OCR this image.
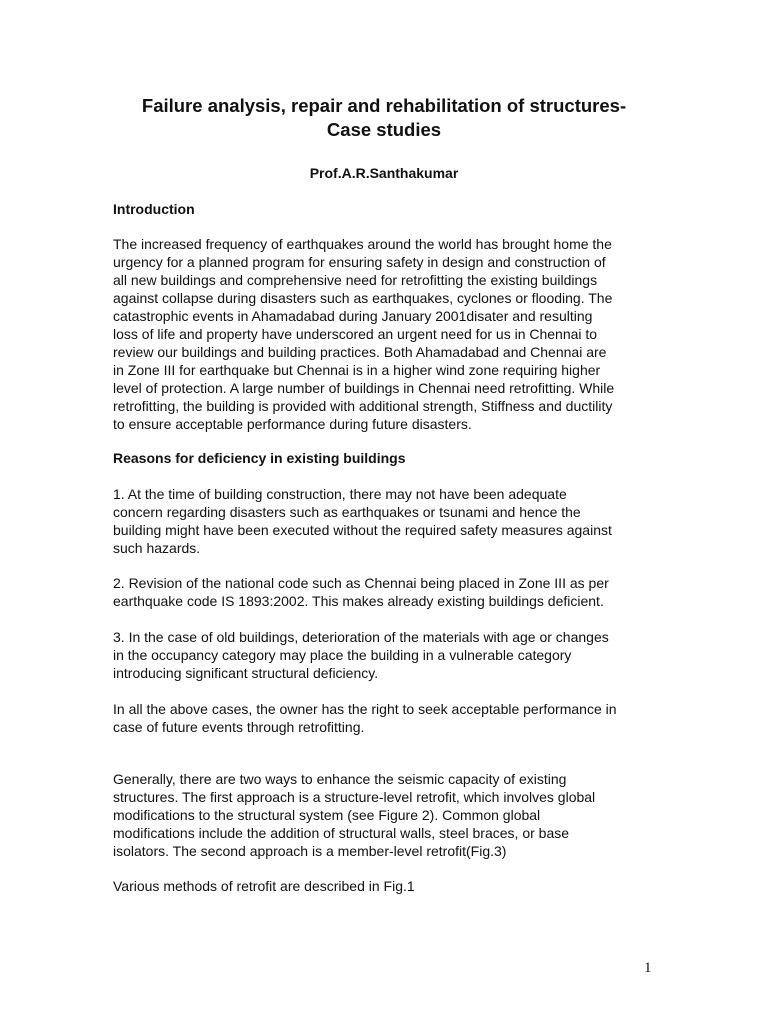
Failure analysis, repair and rehabilitation of structures-
Case studies
Prof.A.R.Santhakumar
Introduction
The increased frequency of earthquakes around the world has brought home the
urgency for a planned program for ensuring safety in design and construction of
all new buildings and comprehensive need for retrofitting the existing buildings
against collapse during disasters such as earthquakes, cyclones or flooding. The
catastrophic events in Ahamadabad during January 2001disater and resulting
loss of life and property have underscored an urgent need for us in Chennai to
review our buildings and building practices. Both Ahamadabad and Chennai are
in Zone III for earthquake but Chennai is in a higher wind zone requiring higher
level of protection. A large number of buildings in Chennai need retrofitting. While
retrofitting, the building is provided with additional strength, Stiffness and ductility
to ensure acceptable performance during future disasters.
Reasons for deficiency in existing buildings
1. At the time of building construction, there may not have been adequate
concern regarding disasters such as earthquakes or tsunami and hence the
building might have been executed without the required safety measures against
such hazards.
2. Revision of the national code such as Chennai being placed in Zone III as per
earthquake code IS 1893:2002. This makes already existing buildings deficient.
3. In the case of old buildings, deterioration of the materials with age or changes
in the occupancy category may place the building in a vulnerable category
introducing significant structural deficiency.
In all the above cases, the owner has the right to seek acceptable performance in
case of future events through retrofitting.
Generally, there are two ways to enhance the seismic capacity of existing
structures. The first approach is a structure-level retrofit, which involves global
modifications to the structural system (see Figure 2). Common global
modifications include the addition of structural walls, steel braces, or base
isolators. The second approach is a member-level retrofit(Fig.3)
Various methods of retrofit are described in Fig.1
1
